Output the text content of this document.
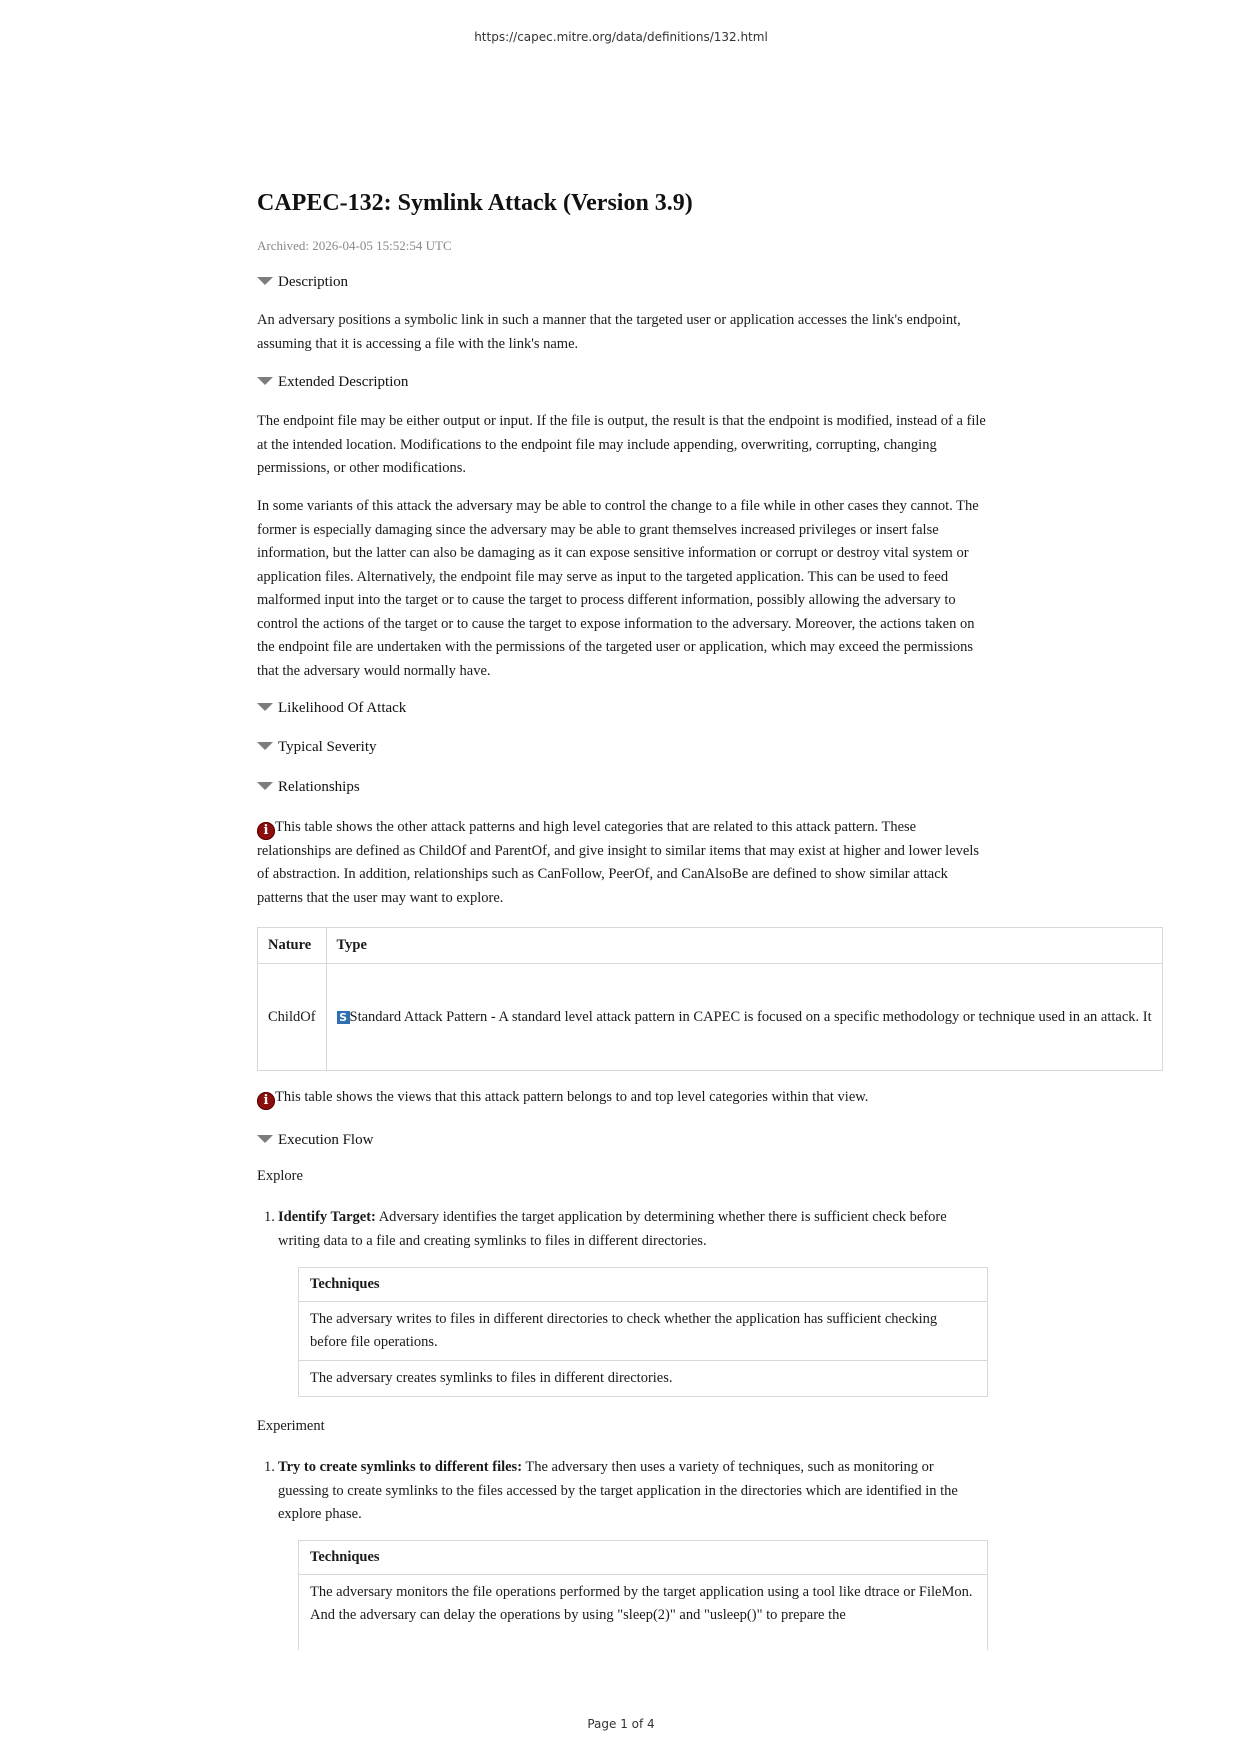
https://capec.mitre.org/data/definitions/132.html
CAPEC-132: Symlink Attack (Version 3.9)
Archived: 2026-04-05 15:52:54 UTC
Description
An adversary positions a symbolic link in such a manner that the targeted user or application accesses the link's endpoint, assuming that it is accessing a file with the link's name.
Extended Description
The endpoint file may be either output or input. If the file is output, the result is that the endpoint is modified, instead of a file at the intended location. Modifications to the endpoint file may include appending, overwriting, corrupting, changing permissions, or other modifications.
In some variants of this attack the adversary may be able to control the change to a file while in other cases they cannot. The former is especially damaging since the adversary may be able to grant themselves increased privileges or insert false information, but the latter can also be damaging as it can expose sensitive information or corrupt or destroy vital system or application files. Alternatively, the endpoint file may serve as input to the targeted application. This can be used to feed malformed input into the target or to cause the target to process different information, possibly allowing the adversary to control the actions of the target or to cause the target to expose information to the adversary. Moreover, the actions taken on the endpoint file are undertaken with the permissions of the targeted user or application, which may exceed the permissions that the adversary would normally have.
Likelihood Of Attack
Typical Severity
Relationships
i This table shows the other attack patterns and high level categories that are related to this attack pattern. These relationships are defined as ChildOf and ParentOf, and give insight to similar items that may exist at higher and lower levels of abstraction. In addition, relationships such as CanFollow, PeerOf, and CanAlsoBe are defined to show similar attack patterns that the user may want to explore.
Nature	Type
ChildOf	S Standard Attack Pattern - A standard level attack pattern in CAPEC is focused on a specific methodology or technique used in an attack. It
i This table shows the views that this attack pattern belongs to and top level categories within that view.
Execution Flow
Explore
1. Identify Target: Adversary identifies the target application by determining whether there is sufficient check before writing data to a file and creating symlinks to files in different directories.
Techniques
The adversary writes to files in different directories to check whether the application has sufficient checking before file operations.
The adversary creates symlinks to files in different directories.
Experiment
1. Try to create symlinks to different files: The adversary then uses a variety of techniques, such as monitoring or guessing to create symlinks to the files accessed by the target application in the directories which are identified in the explore phase.
Techniques
The adversary monitors the file operations performed by the target application using a tool like dtrace or FileMon. And the adversary can delay the operations by using "sleep(2)" and "usleep()" to prepare the
Page 1 of 4
